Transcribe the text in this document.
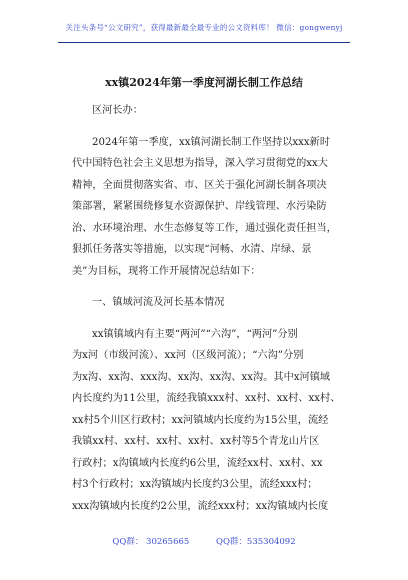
关注头条号“公文研究”，获得最新最全最专业的公文资料库！ 微信：gongwenyj
xx镇2024年第一季度河湖长制工作总结
区河长办：
2024年第一季度，xx镇河湖长制工作坚持以xxx新时
代中国特色社会主义思想为指导，深入学习贯彻党的xx大
精神，全面贯彻落实省、市、区关于强化河湖长制各项决
策部署，紧紧围绕修复水资源保护、岸线管理、水污染防
治、水环境治理、水生态修复等工作，通过强化责任担当，
狠抓任务落实等措施，以实现“河畅、水清、岸绿、景
美”为目标，现将工作开展情况总结如下：
一、镇域河流及河长基本情况
xx镇镇域内有主要“两河”“六沟”，“两河”分别
为x河（市级河流）、xx河（区级河流）；“六沟”分别
为x沟、xx沟、xxx沟、xx沟、xx沟、xx沟。其中x河镇域
内长度约为11公里，流经我镇xxx村、xx村、xx村、xx村、
xx村5个川区行政村；xx河镇域内长度约为15公里，流经
我镇xx村、xx村、xx村、xx村、xx村等5个青龙山片区
行政村；x沟镇域内长度约6公里，流经xx村、xx村、xx
村3个行政村；xx沟镇域内长度约3公里，流经xxx村；
xxx沟镇域内长度约2公里，流经xxx村；xx沟镇域内长度
QQ群： 30265665	QQ群：535304092
